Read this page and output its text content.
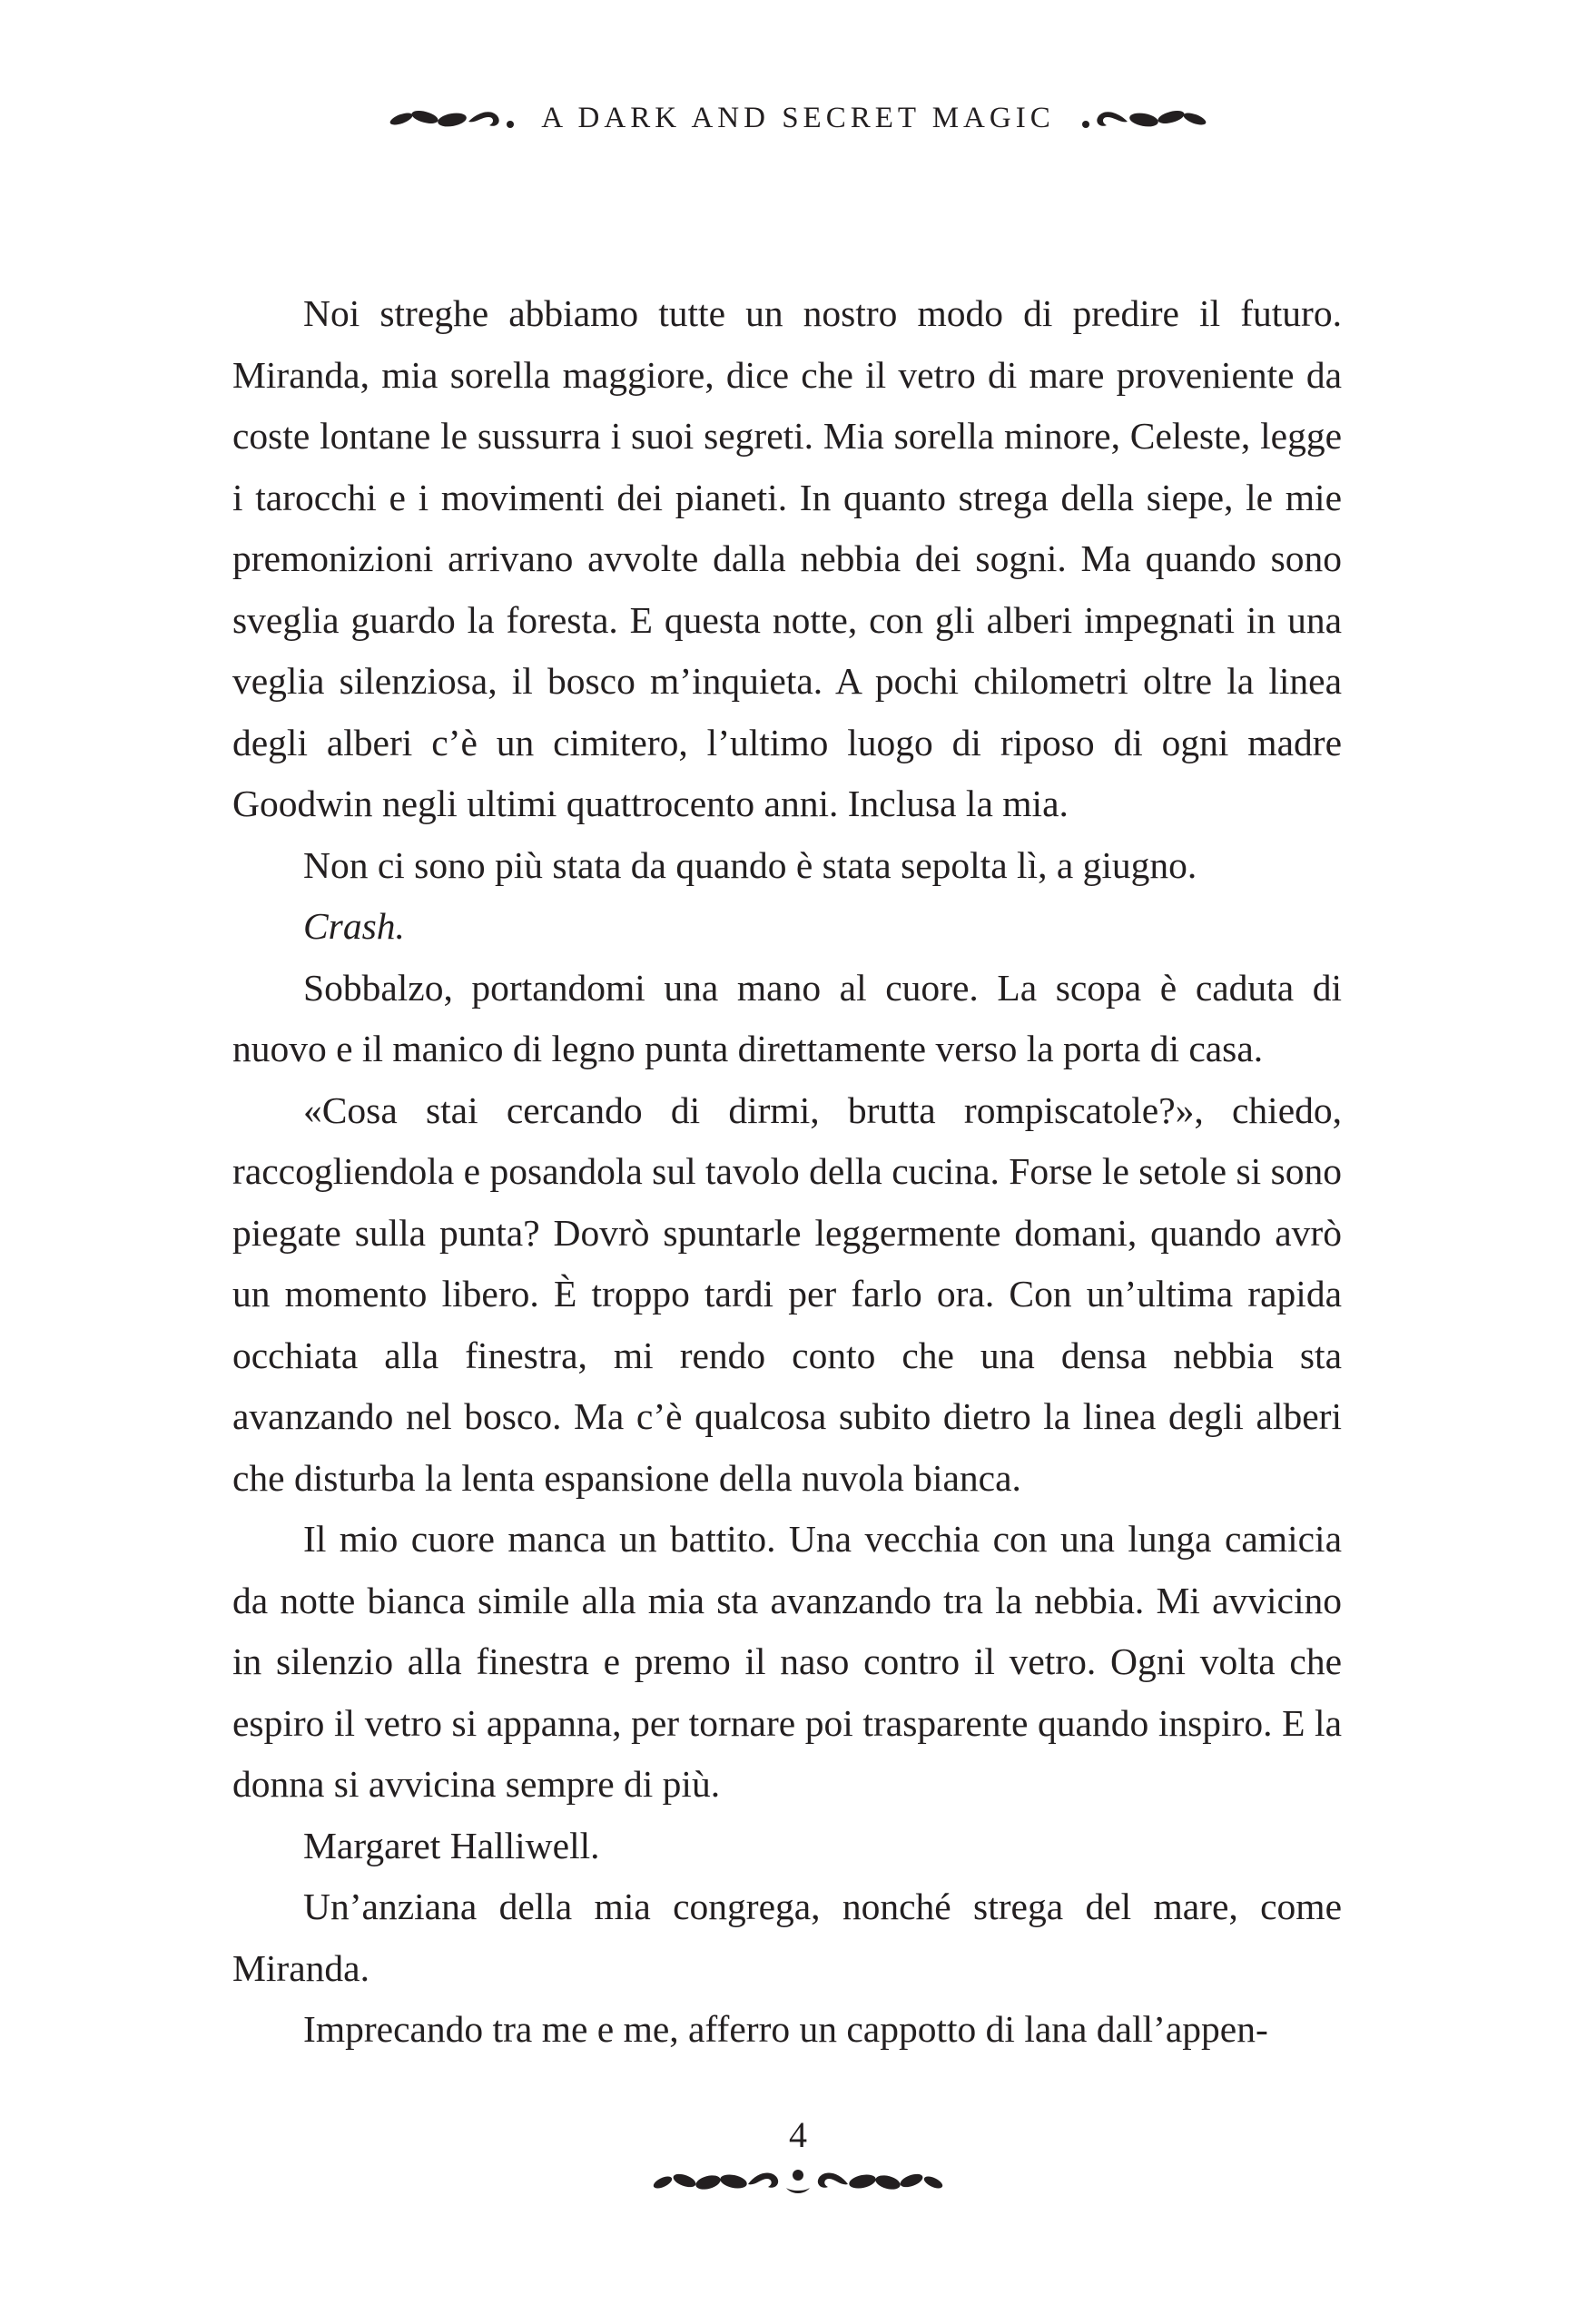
A DARK AND SECRET MAGIC

Noi streghe abbiamo tutte un nostro modo di predire il futuro. Miranda, mia sorella maggiore, dice che il vetro di mare proveniente da coste lontane le sussurra i suoi segreti. Mia sorella minore, Celeste, legge i tarocchi e i movimenti dei pianeti. In quanto strega della siepe, le mie premonizioni arrivano avvolte dalla nebbia dei sogni. Ma quando sono sveglia guardo la foresta. E questa notte, con gli alberi impegnati in una veglia silenziosa, il bosco m’inquieta. A pochi chilometri oltre la linea degli alberi c’è un cimitero, l’ultimo luogo di riposo di ogni madre Goodwin negli ultimi quattrocento anni. Inclusa la mia.

Non ci sono più stata da quando è stata sepolta lì, a giugno.

Crash.

Sobbalzo, portandomi una mano al cuore. La scopa è caduta di nuovo e il manico di legno punta direttamente verso la porta di casa.

«Cosa stai cercando di dirmi, brutta rompiscatole?», chiedo, raccogliendola e posandola sul tavolo della cucina. Forse le setole si sono piegate sulla punta? Dovrò spuntarle leggermente domani, quando avrò un momento libero. È troppo tardi per farlo ora. Con un’ultima rapida occhiata alla finestra, mi rendo conto che una densa nebbia sta avanzando nel bosco. Ma c’è qualcosa subito dietro la linea degli alberi che disturba la lenta espansione della nuvola bianca.

Il mio cuore manca un battito. Una vecchia con una lunga camicia da notte bianca simile alla mia sta avanzando tra la nebbia. Mi avvicino in silenzio alla finestra e premo il naso contro il vetro. Ogni volta che espiro il vetro si appanna, per tornare poi trasparente quando inspiro. E la donna si avvicina sempre di più.

Margaret Halliwell.

Un’anziana della mia congrega, nonché strega del mare, come Miranda.

Imprecando tra me e me, afferro un cappotto di lana dall’appen-

4
